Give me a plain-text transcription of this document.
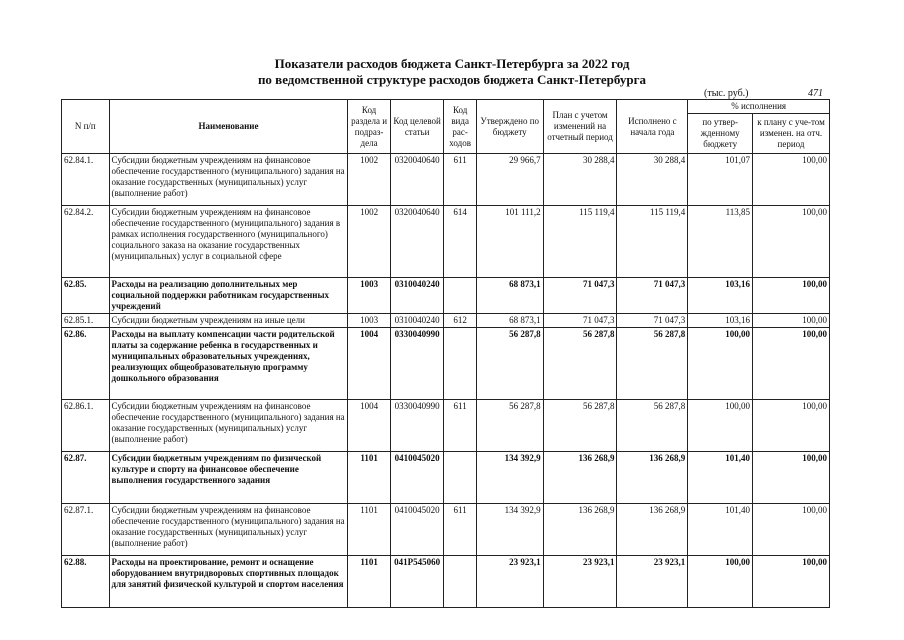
Показатели расходов бюджета Санкт-Петербурга за 2022 год
по ведомственной структуре расходов бюджета Санкт-Петербурга
(тыс. руб.)	471
N п/п	Наименование	Код раздела и подраз-дела	Код целевой статьи	Код вида рас-ходов	Утверждено по бюджету	План с учетом изменений на отчетный период	Исполнено с начала года	% исполнения	
								по утвер-жденному бюджету	к плану с уче-том изменен. на отч. период
62.84.1.	Субсидии бюджетным учреждениям на финансовое обеспечение государственного (муниципального) задания на оказание государственных (муниципальных) услуг (выполнение работ)	1002	0320040640	611	29 966,7	30 288,4	30 288,4	101,07	100,00
62.84.2.	Субсидии бюджетным учреждениям на финансовое обеспечение государственного (муниципального) задания в рамках исполнения государственного (муниципального) социального заказа на оказание государственных (муниципальных) услуг в социальной сфере	1002	0320040640	614	101 111,2	115 119,4	115 119,4	113,85	100,00
62.85.	Расходы на реализацию дополнительных мер социальной поддержки работникам государственных учреждений	1003	0310040240		68 873,1	71 047,3	71 047,3	103,16	100,00
62.85.1.	Субсидии бюджетным учреждениям на иные цели	1003	0310040240	612	68 873,1	71 047,3	71 047,3	103,16	100,00
62.86.	Расходы на выплату компенсации части родительской платы за содержание ребенка в государственных и муниципальных образовательных учреждениях, реализующих общеобразовательную программу дошкольного образования	1004	0330040990		56 287,8	56 287,8	56 287,8	100,00	100,00
62.86.1.	Субсидии бюджетным учреждениям на финансовое обеспечение государственного (муниципального) задания на оказание государственных (муниципальных) услуг (выполнение работ)	1004	0330040990	611	56 287,8	56 287,8	56 287,8	100,00	100,00
62.87.	Субсидии бюджетным учреждениям по физической культуре и спорту на финансовое обеспечение выполнения государственного задания	1101	0410045020		134 392,9	136 268,9	136 268,9	101,40	100,00
62.87.1.	Субсидии бюджетным учреждениям на финансовое обеспечение государственного (муниципального) задания на оказание государственных (муниципальных) услуг (выполнение работ)	1101	0410045020	611	134 392,9	136 268,9	136 268,9	101,40	100,00
62.88.	Расходы на проектирование, ремонт и оснащение оборудованием внутридворовых спортивных площадок для занятий физической культурой и спортом населения	1101	041P545060		23 923,1	23 923,1	23 923,1	100,00	100,00
